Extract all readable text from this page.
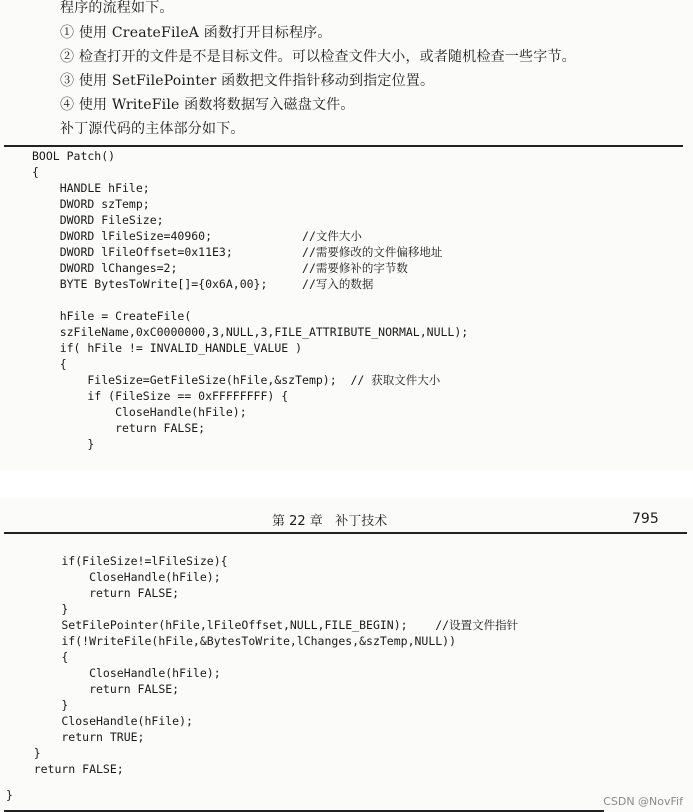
程序的流程如下。
① 使用 CreateFileA 函数打开目标程序。
② 检查打开的文件是不是目标文件。可以检查文件大小，或者随机检查一些字节。
③ 使用 SetFilePointer 函数把文件指针移动到指定位置。
④ 使用 WriteFile 函数将数据写入磁盘文件。
补丁源代码的主体部分如下。
BOOL Patch()
{
HANDLE hFile;
DWORD szTemp;
DWORD FileSize;
DWORD lFileSize=40960;             //文件大小
DWORD lFileOffset=0x11E3;          //需要修改的文件偏移地址
DWORD lChanges=2;                  //需要修补的字节数
BYTE BytesToWrite[]={0x6A,00};     //写入的数据
hFile = CreateFile(
szFileName,0xC0000000,3,NULL,3,FILE_ATTRIBUTE_NORMAL,NULL);
if( hFile != INVALID_HANDLE_VALUE )
{
FileSize=GetFileSize(hFile,&szTemp);  // 获取文件大小
if (FileSize == 0xFFFFFFFF) {
CloseHandle(hFile);
return FALSE;
}
第 22 章   补丁技术	795
if(FileSize!=lFileSize){
CloseHandle(hFile);
return FALSE;
}
SetFilePointer(hFile,lFileOffset,NULL,FILE_BEGIN);    //设置文件指针
if(!WriteFile(hFile,&BytesToWrite,lChanges,&szTemp,NULL))
{
CloseHandle(hFile);
return FALSE;
}
CloseHandle(hFile);
return TRUE;
}
return FALSE;
}	CSDN @NovFif
